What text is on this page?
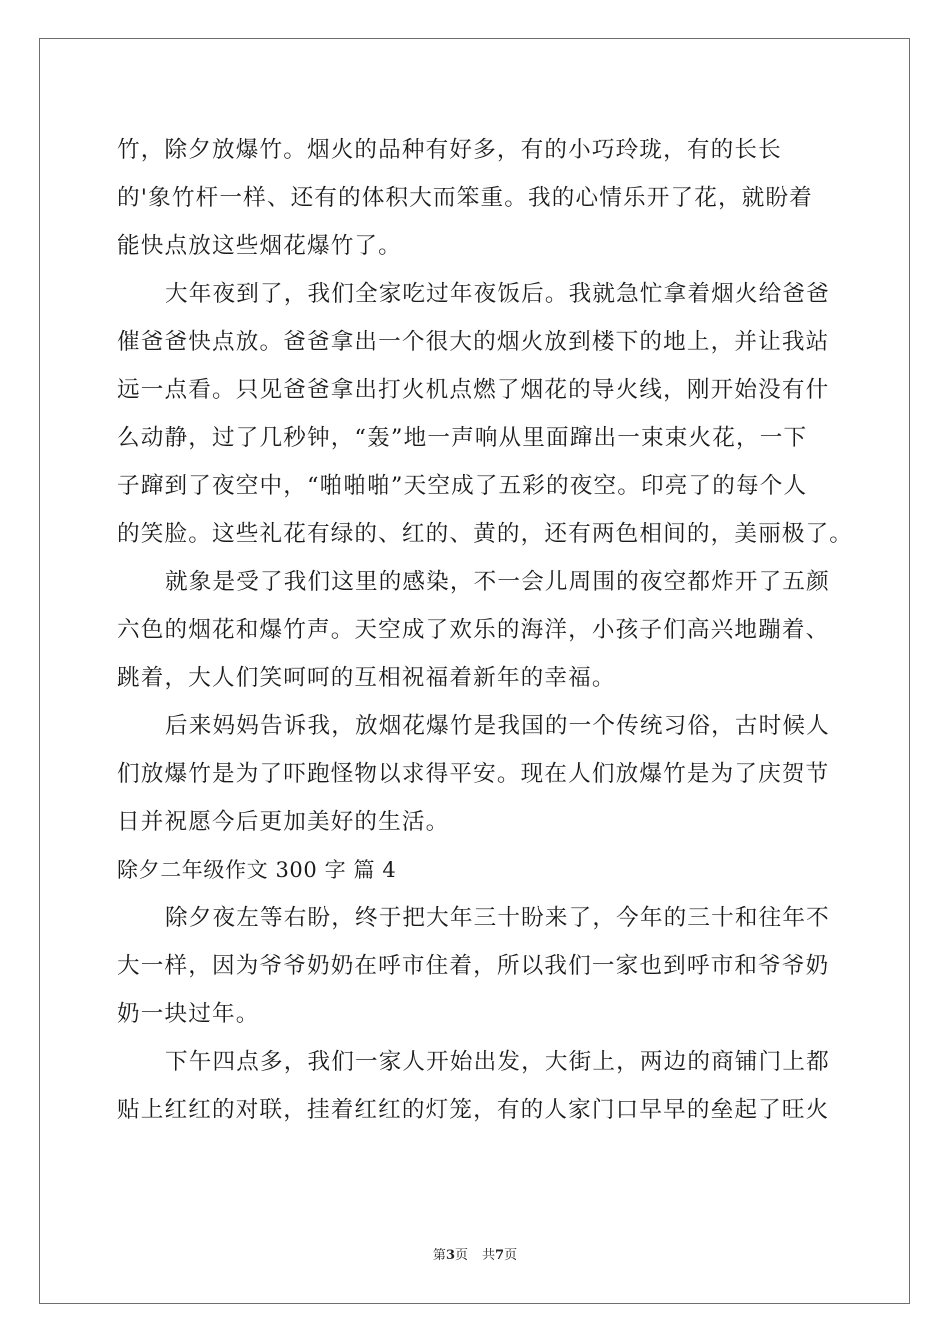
竹，除夕放爆竹。烟火的品种有好多，有的小巧玲珑，有的长长
的'象竹杆一样、还有的体积大而笨重。我的心情乐开了花，就盼着
能快点放这些烟花爆竹了。
大年夜到了，我们全家吃过年夜饭后。我就急忙拿着烟火给爸爸
催爸爸快点放。爸爸拿出一个很大的烟火放到楼下的地上，并让我站
远一点看。只见爸爸拿出打火机点燃了烟花的导火线，刚开始没有什
么动静，过了几秒钟，“轰”地一声响从里面蹿出一束束火花，一下
子蹿到了夜空中，“啪啪啪”天空成了五彩的夜空。印亮了的每个人
的笑脸。这些礼花有绿的、红的、黄的，还有两色相间的，美丽极了。
就象是受了我们这里的感染，不一会儿周围的夜空都炸开了五颜
六色的烟花和爆竹声。天空成了欢乐的海洋，小孩子们高兴地蹦着、
跳着，大人们笑呵呵的互相祝福着新年的幸福。
后来妈妈告诉我，放烟花爆竹是我国的一个传统习俗，古时候人
们放爆竹是为了吓跑怪物以求得平安。现在人们放爆竹是为了庆贺节
日并祝愿今后更加美好的生活。
除夕二年级作文 300 字 篇 4
除夕夜左等右盼，终于把大年三十盼来了，今年的三十和往年不
大一样，因为爷爷奶奶在呼市住着，所以我们一家也到呼市和爷爷奶
奶一块过年。
下午四点多，我们一家人开始出发，大街上，两边的商铺门上都
贴上红红的对联，挂着红红的灯笼，有的人家门口早早的垒起了旺火
第3页 共7页
